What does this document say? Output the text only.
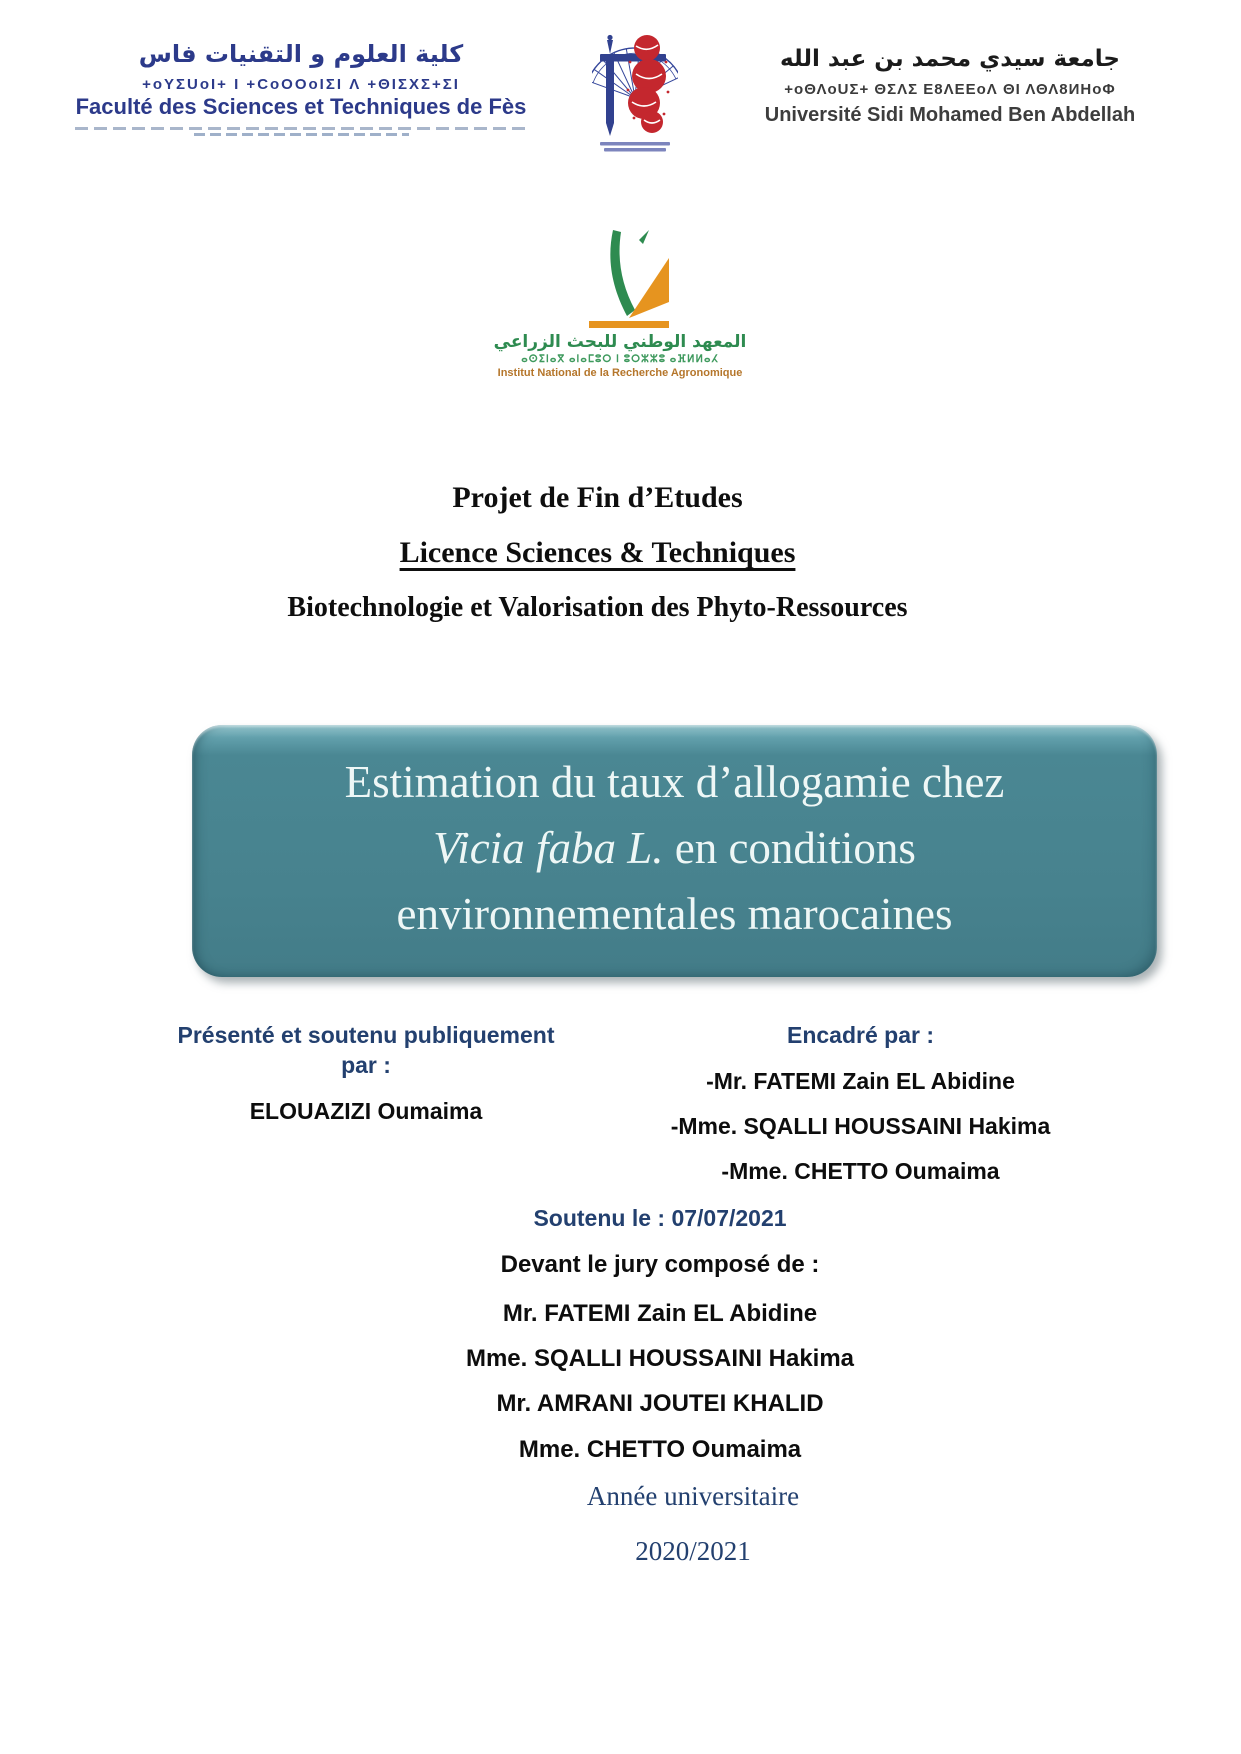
كلية العلوم و التقنيات فاس
+oYΣUoI+ I +CoOOoIΣI Λ +ΘΙΣΧΣ+ΣΙ
Faculté des Sciences et Techniques de Fès
جامعة سيدي محمد بن عبد الله
+oΘΛoUΣ+ ΘΣΛΣ Ε8ΛΕΕoΛ ΘΙ ΛΘΛ8ИНoΦ
Université Sidi Mohamed Ben Abdellah
المعهد الوطني للبحث الزراعي
ⴰⵙⵉⵏⴰⴳ ⴰⵏⴰⵎⵓⵔ ⵏ ⵓⵔⵣⵣⵓ ⴰⴼⵍⵍⴰⵃ
Institut National de la Recherche Agronomique
Projet de Fin d’Etudes
Licence Sciences & Techniques
Biotechnologie et Valorisation des Phyto-Ressources
Estimation du taux d’allogamie chez
Vicia faba L. en conditions
environnementales marocaines
Présenté et soutenu publiquement
par :
ELOUAZIZI Oumaima
Encadré par :
-Mr. FATEMI Zain EL Abidine
-Mme. SQALLI HOUSSAINI Hakima
-Mme. CHETTO Oumaima
Soutenu le : 07/07/2021
Devant le jury composé de :
Mr. FATEMI Zain EL Abidine
Mme. SQALLI HOUSSAINI Hakima
Mr. AMRANI JOUTEI KHALID
Mme. CHETTO Oumaima
Année universitaire
2020/2021
